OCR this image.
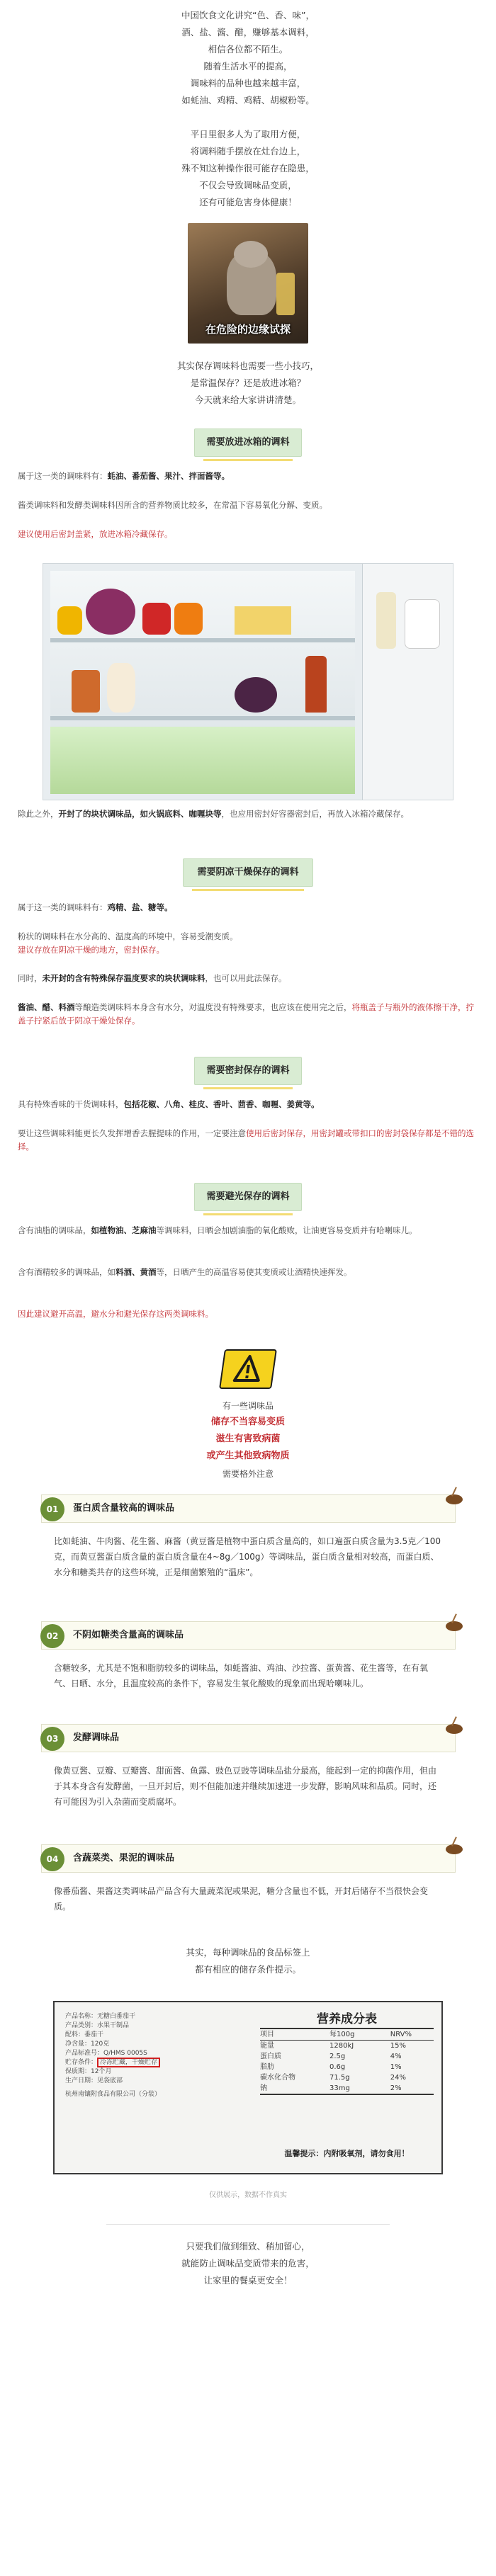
中国饮食文化讲究“色、香、味”，
酒、盐、酱、醋，赚够基本调料，
相信各位都不陌生。
随着生活水平的提高，
调味料的品种也越来越丰富，
如蚝油、鸡精、鸡精、胡椒粉等。
平日里很多人为了取用方便，
将调料随手摆放在灶台边上，
殊不知这种操作很可能存在隐患，
不仅会导致调味品变质，
还有可能危害身体健康！
在危险的边缘试探
其实保存调味料也需要一些小技巧，
是常温保存？还是放进冰箱？
今天就来给大家讲讲清楚。
需要放进冰箱的调料
属于这一类的调味料有：蚝油、番茄酱、果汁、拌面酱等。
酱类调味料和发酵类调味料因所含的营养物质比较多，在常温下容易氧化分解、变质。
建议使用后密封盖紧，放进冰箱冷藏保存。
除此之外，开封了的块状调味品，如火锅底料、咖喱块等，也应用密封好容器密封后，再放入冰箱冷藏保存。
需要阴凉干燥保存的调料
属于这一类的调味料有：鸡精、盐、糖等。
粉状的调味料在水分高的、温度高的环境中，容易受潮变质。
建议存放在阴凉干燥的地方，密封保存。
同时，未开封的含有特殊保存温度要求的块状调味料，也可以用此法保存。
酱油、醋、料酒等酿造类调味料本身含有水分，对温度没有特殊要求，也应该在使用完之后，将瓶盖子与瓶外的液体擦干净，拧盖子拧紧后放于阴凉干燥处保存。
需要密封保存的调料
具有特殊香味的干货调味料，包括花椒、八角、桂皮、香叶、茴香、咖喱、姜黄等。
要让这些调味料能更长久发挥增香去腥提味的作用，一定要注意使用后密封保存，用密封罐或带扣口的密封袋保存都是不错的选择。
需要避光保存的调料
含有油脂的调味品，如植物油、芝麻油等调味料，日晒会加剧油脂的氧化酸败，让油更容易变质并有哈喇味儿。
含有酒精较多的调味品，如料酒、黄酒等，日晒产生的高温容易使其变质或让酒精快速挥发。
因此建议避开高温，避水分和避光保存这两类调味料。
有一些调味品
储存不当容易变质
滋生有害致病菌
或产生其他致病物质
需要格外注意
01	蛋白质含量较高的调味品
比如蚝油、牛肉酱、花生酱、麻酱（黄豆酱是植物中蛋白质含量高的，如口遍蛋白质含量为3.5克／100克，而黄豆酱蛋白质含量的蛋白质含量在4~8g／100g）等调味品，蛋白质含量相对较高，而蛋白质、水分和糖类共存的这些环境，正是细菌繁殖的“温床”。
02	不阴如糖类含量高的调味品
含糖较多，尤其是不饱和脂肪较多的调味品，如蚝酱油、鸡油、沙拉酱、蛋黄酱、花生酱等，在有氧气、日晒、水分，且温度较高的条件下，容易发生氧化酸败的现象而出现哈喇味儿。
03	发酵调味品
像黄豆酱、豆瓣、豆瓣酱、甜面酱、鱼露、豉色豆豉等调味品盐分最高，能起到一定的抑菌作用，但由于其本身含有发酵菌，一旦开封后，则不但能加速并继续加速进一步发酵，影响风味和品质。同时，还有可能因为引入杂菌而变质腐坏。
04	含蔬菜类、果泥的调味品
像番茄酱、果酱这类调味品产品含有大量蔬菜泥或果泥，糖分含量也不低，开封后储存不当很快会变质。
其实，每种调味品的食品标签上
都有相应的储存条件提示。
产品名称：无糖白番茄干
产品类别：水果干制品
配料：番茄干
净含量：120克
产品标准号：Q/HMS 0005S
贮存条件： 冷冻贮藏，干燥贮存
保质期：12个月
生产日期：见袋底部
杭州南镶附食品有限公司（分装）
营养成分表
项目	每100g	NRV%
能量	1280kJ	15%
蛋白质	2.5g	4%
脂肪	0.6g	1%
碳水化合物	71.5g	24%
钠	33mg	2%
温馨提示：内附吸氧剂，请勿食用！
仅供展示，数据不作真实
只要我们做到细致、稍加留心，
就能防止调味品变质带来的危害，
让家里的餐桌更安全！
